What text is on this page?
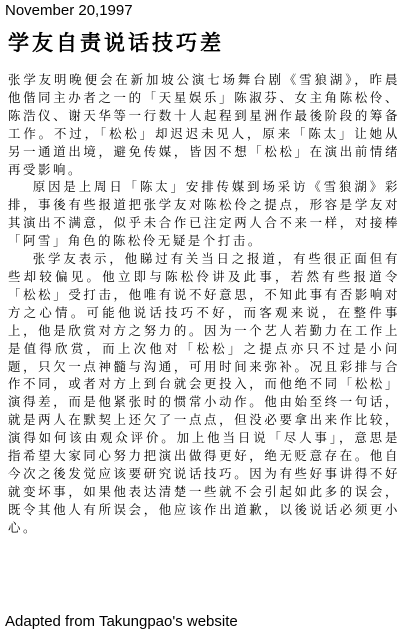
November 20,1997
学友自责说话技巧差

张学友明晚便会在新加坡公演七场舞台剧《雪狼湖》，昨晨他偕同主办者之一的「天星娱乐」陈淑芬、女主角陈松伶、陈浩仪、谢天华等一行数十人起程到星洲作最後阶段的筹备工作。不过，「松松」却迟迟未见人，原来「陈太」让她从另一通道出境，避免传媒，皆因不想「松松」在演出前情绪再受影响。

原因是上周日「陈太」安排传媒到场采访《雪狼湖》彩排，事後有些报道把张学友对陈松伶之提点，形容是学友对其演出不满意，似乎未合作已注定两人合不来一样，对接棒「阿雪」角色的陈松伶无疑是个打击。

张学友表示，他睇过有关当日之报道，有些很正面但有些却较偏见。他立即与陈松伶讲及此事，若然有些报道令「松松」受打击，他唯有说不好意思，不知此事有否影响对方之心情。可能他说话技巧不好，而客观来说，在整件事上，他是欣赏对方之努力的。因为一个艺人若勤力在工作上是值得欣赏，而上次他对「松松」之提点亦只不过是小问题，只欠一点神髓与沟通，可用时间来弥补。况且彩排与合作不同，或者对方上到台就会更投入，而他绝不同「松松」演得差，而是他紧张时的惯常小动作。他由始至终一句话，就是两人在默契上还欠了一点点，但没必要拿出来作比较，演得如何该由观众评价。加上他当日说「尽人事」，意思是指希望大家同心努力把演出做得更好，绝无贬意存在。他自今次之後发觉应该要研究说话技巧。因为有些好事讲得不好就变坏事，如果他表达清楚一些就不会引起如此多的误会，既令其他人有所误会，他应该作出道歉，以後说话必须更小心。

Adapted from Takungpao's website
